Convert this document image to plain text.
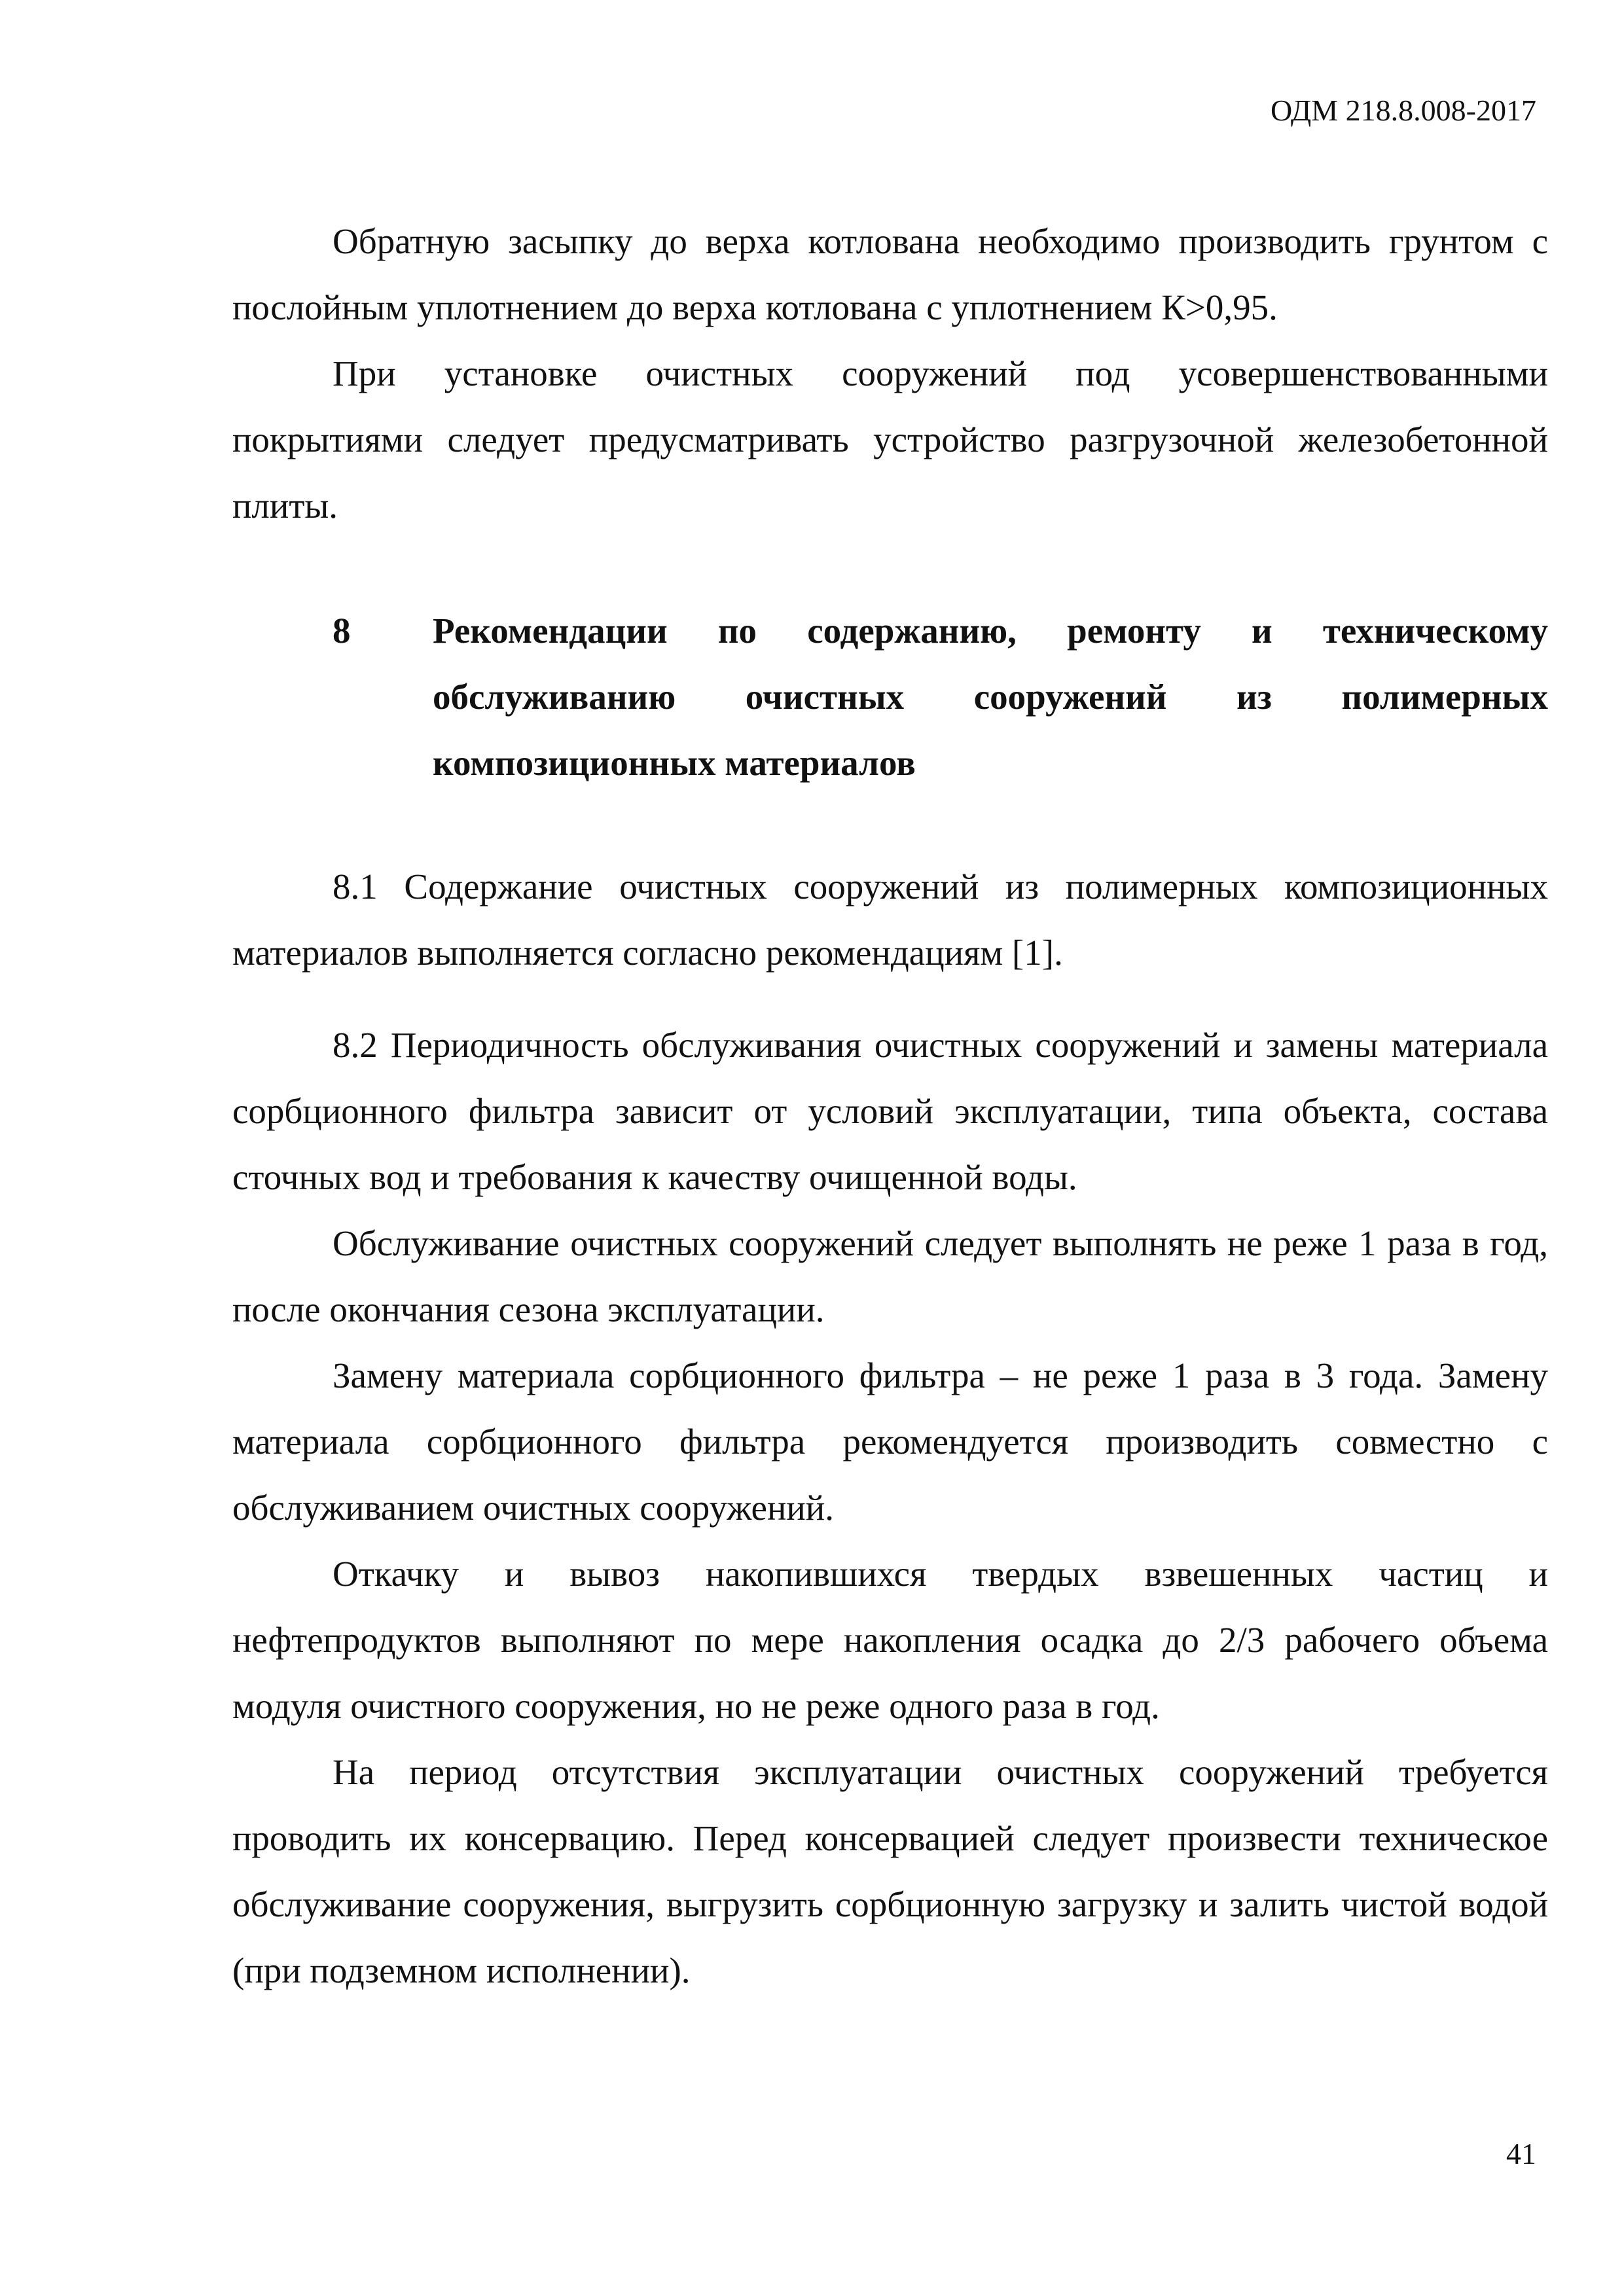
ОДМ 218.8.008-2017

Обратную засыпку до верха котлована необходимо производить грунтом с послойным уплотнением до верха котлована с уплотнением К>0,95.

При установке очистных сооружений под усовершенствованными покрытиями следует предусматривать устройство разгрузочной железобетонной плиты.

8	Рекомендации по содержанию, ремонту и техническому обслуживанию очистных сооружений из полимерных композиционных материалов

8.1 Содержание очистных сооружений из полимерных композиционных материалов выполняется согласно рекомендациям [1].

8.2 Периодичность обслуживания очистных сооружений и замены материала сорбционного фильтра зависит от условий эксплуатации, типа объекта, состава сточных вод и требования к качеству очищенной воды.

Обслуживание очистных сооружений следует выполнять не реже 1 раза в год, после окончания сезона эксплуатации.

Замену материала сорбционного фильтра – не реже 1 раза в 3 года. Замену материала сорбционного фильтра рекомендуется производить совместно с обслуживанием очистных сооружений.

Откачку и вывоз накопившихся твердых взвешенных частиц и нефтепродуктов выполняют по мере накопления осадка до 2/3 рабочего объема модуля очистного сооружения, но не реже одного раза в год.

На период отсутствия эксплуатации очистных сооружений требуется проводить их консервацию. Перед консервацией следует произвести техническое обслуживание сооружения, выгрузить сорбционную загрузку и залить чистой водой (при подземном исполнении).

41
